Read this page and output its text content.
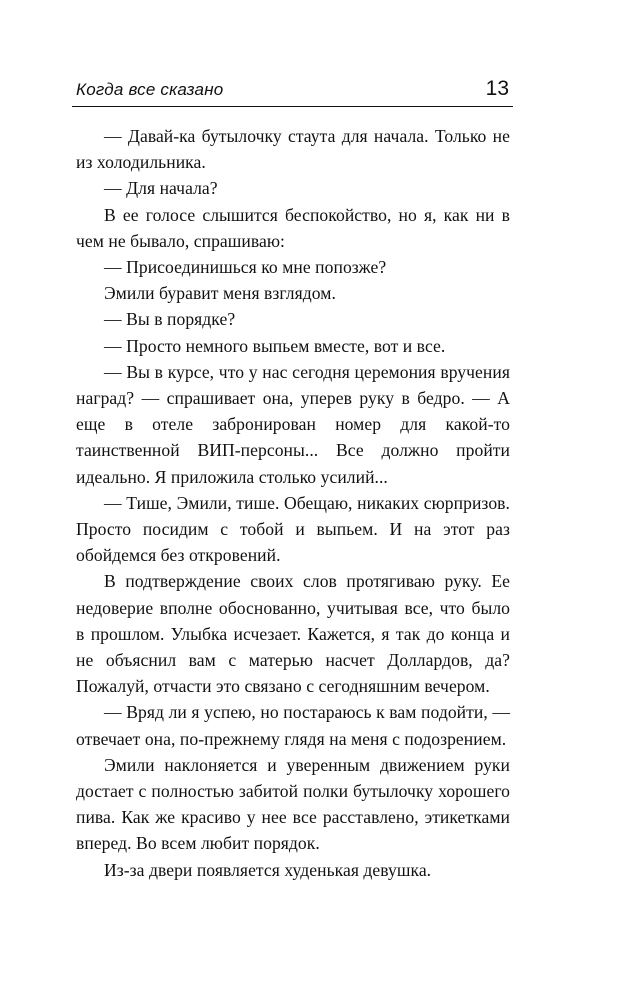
Когда все сказано	13

— Давай-ка бутылочку стаута для начала. Только не из холодильника.

— Для начала?

В ее голосе слышится беспокойство, но я, как ни в чем не бывало, спрашиваю:

— Присоединишься ко мне попозже?

Эмили буравит меня взглядом.

— Вы в порядке?

— Просто немного выпьем вместе, вот и все.

— Вы в курсе, что у нас сегодня церемония вручения наград? — спрашивает она, уперев руку в бедро. — А еще в отеле забронирован номер для какой-то таинственной ВИП-персоны... Все должно пройти идеально. Я приложила столько усилий...

— Тише, Эмили, тише. Обещаю, никаких сюрпризов. Просто посидим с тобой и выпьем. И на этот раз обойдемся без откровений.

В подтверждение своих слов протягиваю руку. Ее недоверие вполне обоснованно, учитывая все, что было в прошлом. Улыбка исчезает. Кажется, я так до конца и не объяснил вам с матерью насчет Доллардов, да? Пожалуй, отчасти это связано с сегодняшним вечером.

— Вряд ли я успею, но постараюсь к вам подойти, — отвечает она, по-прежнему глядя на меня с подозрением.

Эмили наклоняется и уверенным движением руки достает с полностью забитой полки бутылочку хорошего пива. Как же красиво у нее все расставлено, этикетками вперед. Во всем любит порядок.

Из-за двери появляется худенькая девушка.
